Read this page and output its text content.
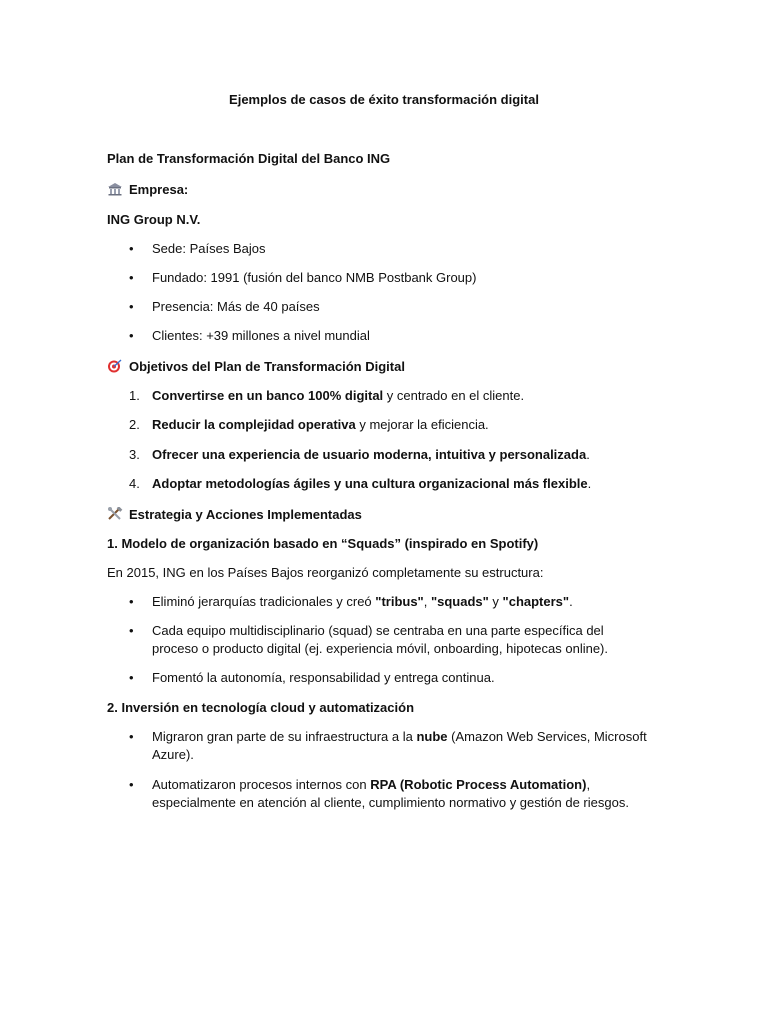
Ejemplos de casos de éxito transformación digital
Plan de Transformación Digital del Banco ING
Empresa:
ING Group N.V.
•	Sede: Países Bajos
•	Fundado: 1991 (fusión del banco NMB Postbank Group)
•	Presencia: Más de 40 países
•	Clientes: +39 millones a nivel mundial
Objetivos del Plan de Transformación Digital
1. Convertirse en un banco 100% digital y centrado en el cliente.
2. Reducir la complejidad operativa y mejorar la eficiencia.
3. Ofrecer una experiencia de usuario moderna, intuitiva y personalizada.
4. Adoptar metodologías ágiles y una cultura organizacional más flexible.
Estrategia y Acciones Implementadas
1. Modelo de organización basado en “Squads” (inspirado en Spotify)
En 2015, ING en los Países Bajos reorganizó completamente su estructura:
•	Eliminó jerarquías tradicionales y creó "tribus", "squads" y "chapters".
•	Cada equipo multidisciplinario (squad) se centraba en una parte específica del
proceso o producto digital (ej. experiencia móvil, onboarding, hipotecas online).
•	Fomentó la autonomía, responsabilidad y entrega continua.
2. Inversión en tecnología cloud y automatización
•	Migraron gran parte de su infraestructura a la nube (Amazon Web Services, Microsoft
Azure).
•	Automatizaron procesos internos con RPA (Robotic Process Automation),
especialmente en atención al cliente, cumplimiento normativo y gestión de riesgos.
